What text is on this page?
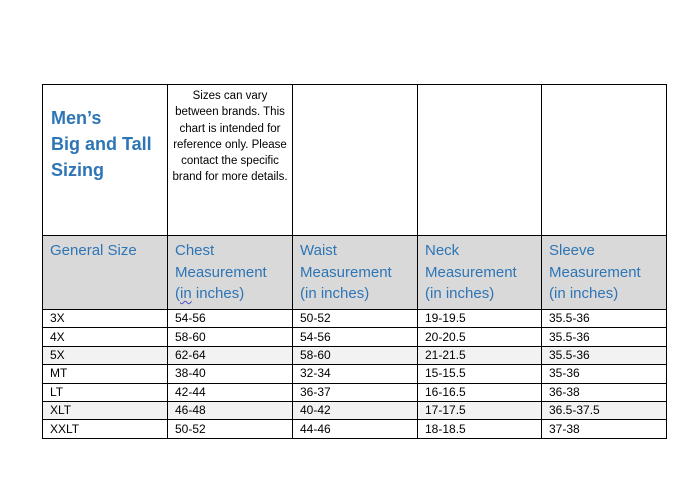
Men’s
Big and Tall
Sizing	Sizes can vary between brands. This chart is intended for reference only. Please contact the specific brand for more details.			

General Size	Chest
Measurement
(in inches)	Waist
Measurement
(in inches)	Neck
Measurement
(in inches)	Sleeve
Measurement
(in inches)

3X	54-56	50-52	19-19.5	35.5-36
4X	58-60	54-56	20-20.5	35.5-36
5X	62-64	58-60	21-21.5	35.5-36
MT	38-40	32-34	15-15.5	35-36
LT	42-44	36-37	16-16.5	36-38
XLT	46-48	40-42	17-17.5	36.5-37.5
XXLT	50-52	44-46	18-18.5	37-38
